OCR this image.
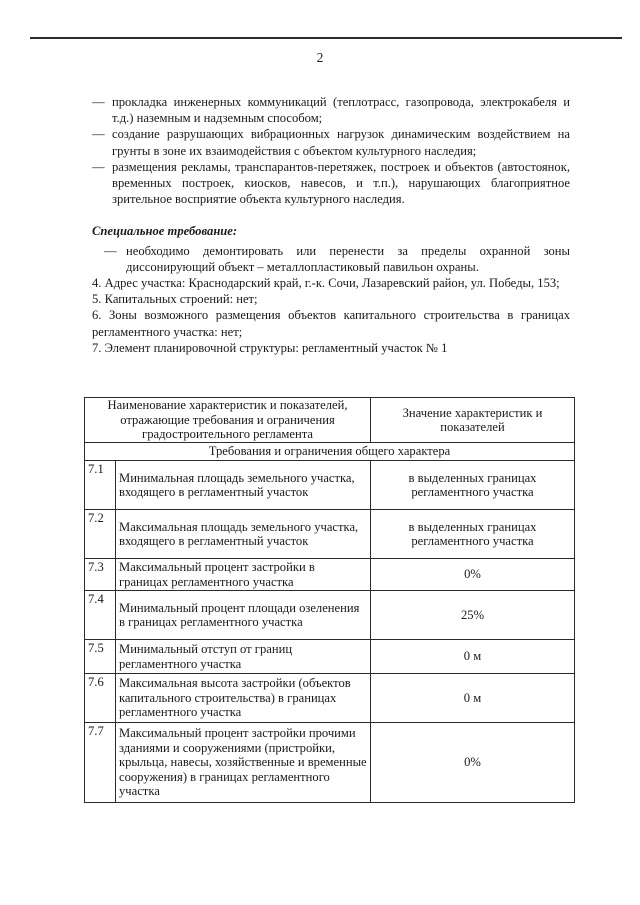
2
— прокладка инженерных коммуникаций (теплотрасс, газопровода, электрокабеля и т.д.) наземным и надземным способом;
— создание разрушающих вибрационных нагрузок динамическим воздействием на грунты в зоне их взаимодействия с объектом культурного наследия;
— размещения рекламы, транспарантов-перетяжек, построек и объектов (автостоянок, временных построек, киосков, навесов, и т.п.), нарушающих благоприятное зрительное восприятие объекта культурного наследия.

Специальное требование:

— необходимо демонтировать или перенести за пределы охранной зоны диссонирующий объект – металлопластиковый павильон охраны.

4. Адрес участка: Краснодарский край, г.-к. Сочи, Лазаревский район, ул. Победы, 153;

5. Капитальных строений: нет;

6. Зоны возможного размещения объектов капитального строительства в границах регламентного участка: нет;

7. Элемент планировочной структуры: регламентный участок № 1

Наименование характеристик и показателей, отражающие требования и ограничения градостроительного регламента		Значение характеристик и показателей
Требования и ограничения общего характера		
7.1	Минимальная площадь земельного участка, входящего в регламентный участок	в выделенных границах регламентного участка
7.2	Максимальная площадь земельного участка, входящего в регламентный участок	в выделенных границах регламентного участка
7.3	Максимальный процент застройки в границах регламентного участка	0%
7.4	Минимальный процент площади озеленения в границах регламентного участка	25%
7.5	Минимальный отступ от границ регламентного участка	0 м
7.6	Максимальная высота застройки (объектов капитального строительства) в границах регламентного участка	0 м
7.7	Максимальный процент застройки прочими зданиями и сооружениями (пристройки, крыльца, навесы, хозяйственные и временные сооружения) в границах регламентного участка	0%
